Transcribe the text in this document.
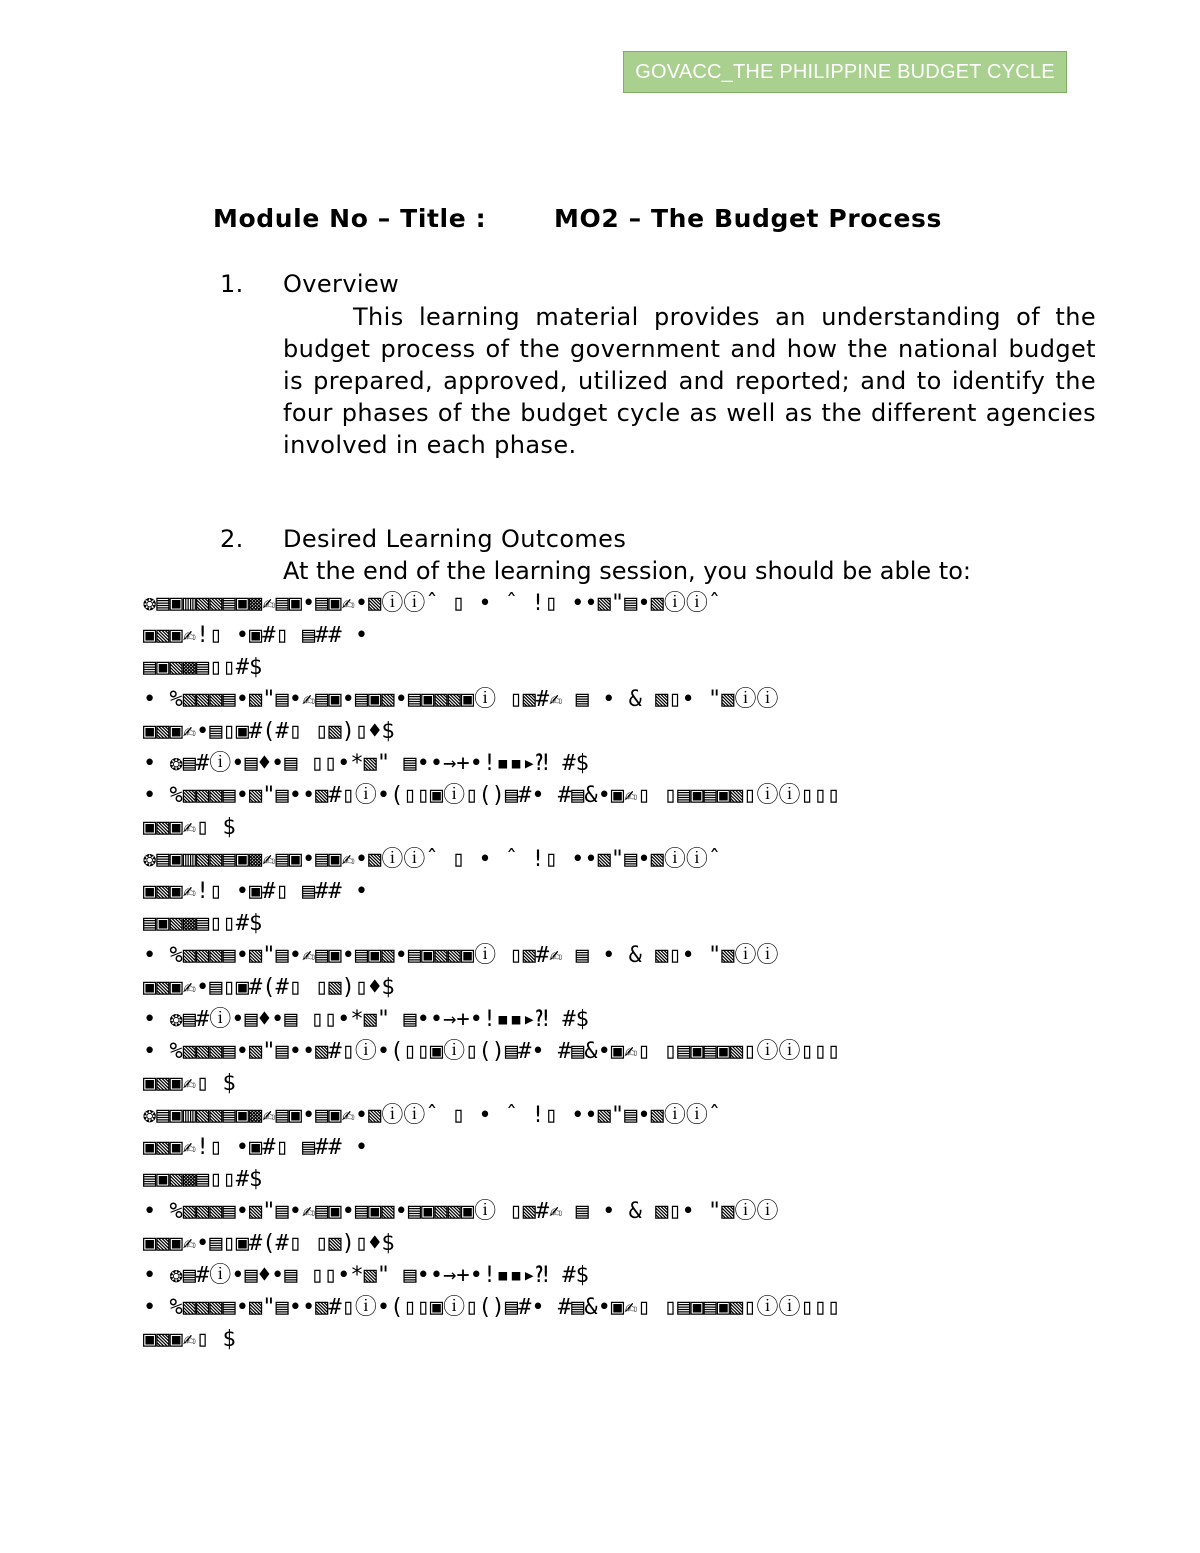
GOVACC_THE PHILIPPINE BUDGET CYCLE
Module No – Title :	MO2 – The Budget Process
1. Overview
This learning material provides an understanding of the budget process of the government and how the national budget is prepared, approved, utilized and reported; and to identify the four phases of the budget cycle as well as the different agencies involved in each phase.
2. Desired Learning Outcomes
At the end of the learning session, you should be able to:
❂▤▣▥▧▧▤▣▩✍▤▣•▤▣✍•▧ⓘⓘˆ ▯ • ˆ !▯ ••▧"▤•▧ⓘⓘˆ
▣▧▣✍!▯ •▣#▯ ▤## •
▤▣▧▩▤▯▯#$
• %▧▧▧▤•▧"▤•✍▤▣•▤▣▧•▤▣▧▧▣ⓘ ▯▧#✍ ▤ • & ▧▯• "▧ⓘⓘ
▣▧▣✍•▤▯▣#(#▯ ▯▧)▯♦$
• ❂▤#ⓘ•▤♦•▤ ▯▯•*▧" ▤••→+•!▪▪▸⁈ #$
• %▧▧▧▤•▧"▤••▧#▯ⓘ•(▯▯▣ⓘ▯()▤#• #▤&•▣✍▯ ▯▤▣▤▣▧▯ⓘⓘ▯▯▯
▣▧▣✍▯ $
❂▤▣▥▧▧▤▣▩✍▤▣•▤▣✍•▧ⓘⓘˆ ▯ • ˆ !▯ ••▧"▤•▧ⓘⓘˆ
▣▧▣✍!▯ •▣#▯ ▤## •
▤▣▧▩▤▯▯#$
• %▧▧▧▤•▧"▤•✍▤▣•▤▣▧•▤▣▧▧▣ⓘ ▯▧#✍ ▤ • & ▧▯• "▧ⓘⓘ
▣▧▣✍•▤▯▣#(#▯ ▯▧)▯♦$
• ❂▤#ⓘ•▤♦•▤ ▯▯•*▧" ▤••→+•!▪▪▸⁈ #$
• %▧▧▧▤•▧"▤••▧#▯ⓘ•(▯▯▣ⓘ▯()▤#• #▤&•▣✍▯ ▯▤▣▤▣▧▯ⓘⓘ▯▯▯
▣▧▣✍▯ $
❂▤▣▥▧▧▤▣▩✍▤▣•▤▣✍•▧ⓘⓘˆ ▯ • ˆ !▯ ••▧"▤•▧ⓘⓘˆ
▣▧▣✍!▯ •▣#▯ ▤## •
▤▣▧▩▤▯▯#$
• %▧▧▧▤•▧"▤•✍▤▣•▤▣▧•▤▣▧▧▣ⓘ ▯▧#✍ ▤ • & ▧▯• "▧ⓘⓘ
▣▧▣✍•▤▯▣#(#▯ ▯▧)▯♦$
• ❂▤#ⓘ•▤♦•▤ ▯▯•*▧" ▤••→+•!▪▪▸⁈ #$
• %▧▧▧▤•▧"▤••▧#▯ⓘ•(▯▯▣ⓘ▯()▤#• #▤&•▣✍▯ ▯▤▣▤▣▧▯ⓘⓘ▯▯▯
▣▧▣✍▯ $
